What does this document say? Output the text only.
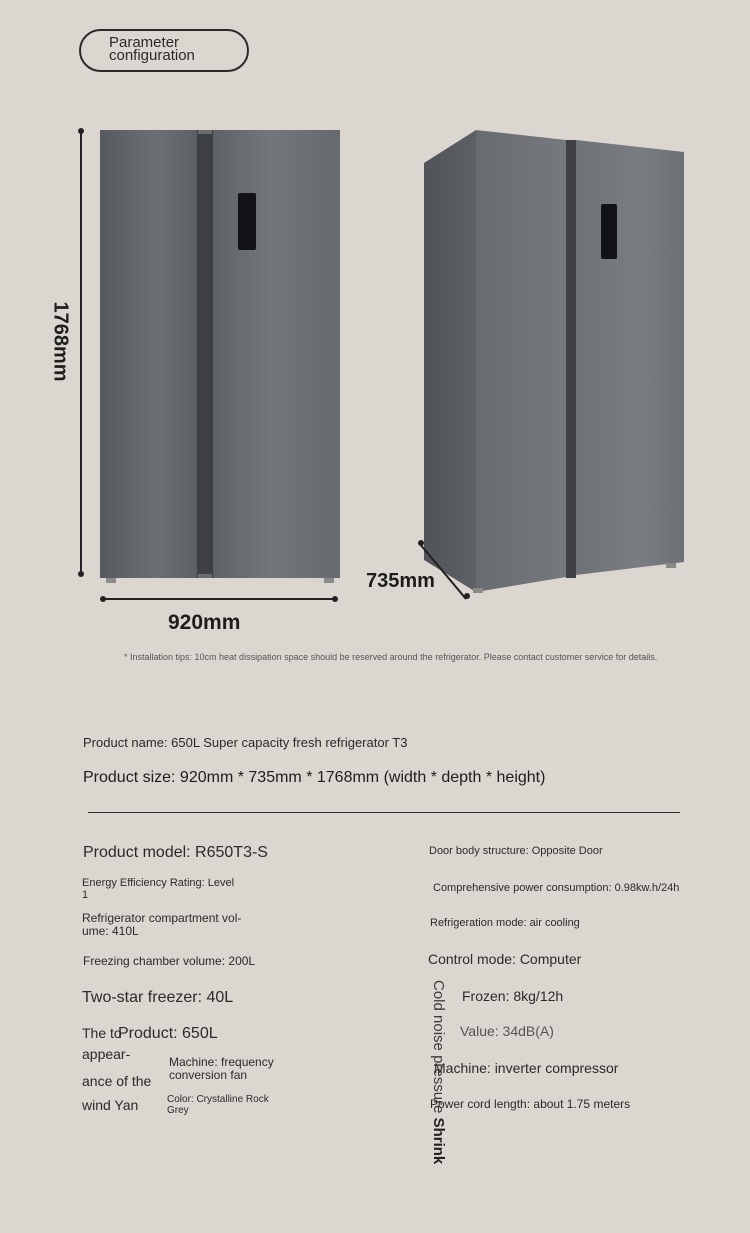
Parameter
configuration
1768mm
920mm
735mm
* Installation tips: 10cm heat dissipation space should be reserved around the refrigerator. Please contact customer service for details.
Product name: 650L Super capacity fresh refrigerator T3
Product size: 920mm * 735mm * 1768mm (width * depth * height)
Product model: R650T3-S
Energy Efficiency Rating: Level
1
Refrigerator compartment vol-
ume: 410L
Freezing chamber volume: 200L
Two-star freezer: 40L
The to
Product: 650L
appear-
ance of the
wind Yan
Machine: frequency
conversion fan
Color: Crystalline Rock
Grey
Door body structure: Opposite Door
Comprehensive power consumption: 0.98kw.h/24h
Refrigeration mode: air cooling
Control mode: Computer
Frozen: 8kg/12h
Value: 34dB(A)
Machine: inverter compressor
Power cord length: about 1.75 meters
Cold noise pressure Shrink
